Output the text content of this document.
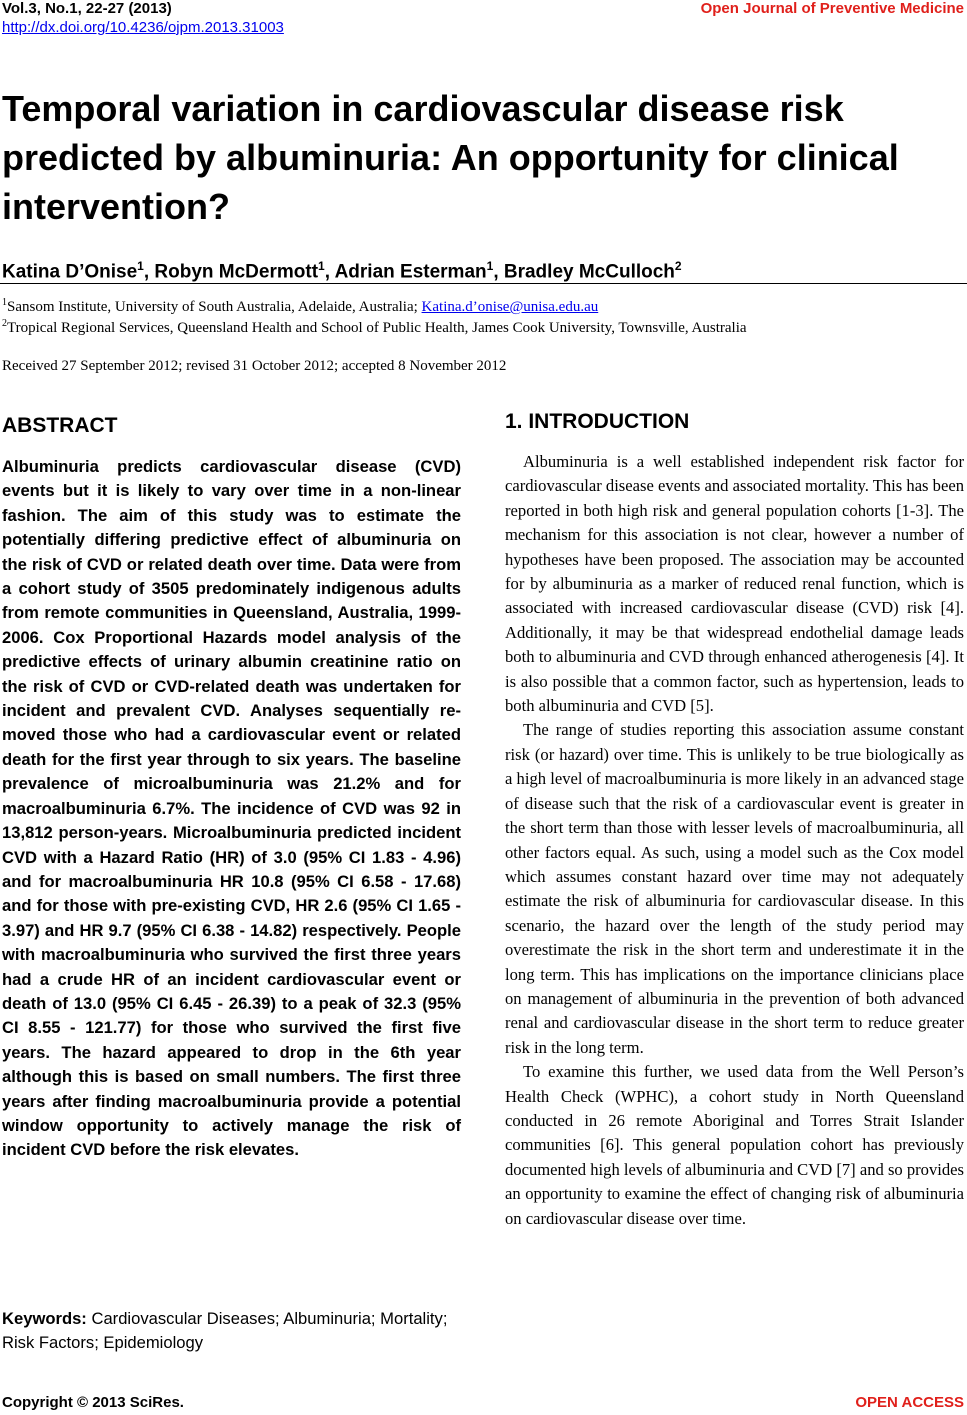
Vol.3, No.1, 22-27 (2013)
http://dx.doi.org/10.4236/ojpm.2013.31003
Open Journal of Preventive Medicine
Temporal variation in cardiovascular disease risk predicted by albuminuria: An opportunity for clinical intervention?
Katina D’Onise$^1$, Robyn McDermott$^1$, Adrian Esterman$^1$, Bradley McCulloch$^2$
$^1$Sansom Institute, University of South Australia, Adelaide, Australia; Katina.d’onise@unisa.edu.au
$^2$Tropical Regional Services, Queensland Health and School of Public Health, James Cook University, Townsville, Australia
Received 27 September 2012; revised 31 October 2012; accepted 8 November 2012
ABSTRACT

Albuminuria predicts cardiovascular disease (CVD) events but it is likely to vary over time in a non-linear fashion. The aim of this study was to estimate the potentially differing predictive effect of albuminuria on the risk of CVD or related death over time. Data were from a cohort study of 3505 predominately indigenous adults from remote communities in Queensland, Australia, 1999-2006. Cox Proportional Hazards model analysis of the predictive effects of urinary albumin creatinine ratio on the risk of CVD or CVD-related death was undertaken for incident and prevalent CVD. Analyses sequentially removed those who had a cardiovascular event or related death for the first year through to six years. The baseline prevalence of microalbuminuria was 21.2% and for macroalbuminuria 6.7%. The incidence of CVD was 92 in 13,812 person-years. Microalbuminuria predicted incident CVD with a Hazard Ratio (HR) of 3.0 (95% CI 1.83 - 4.96) and for macroalbuminuria HR 10.8 (95% CI 6.58 - 17.68) and for those with pre-existing CVD, HR 2.6 (95% CI 1.65 - 3.97) and HR 9.7 (95% CI 6.38 - 14.82) respectively. People with macroalbuminuria who survived the first three years had a crude HR of an incident cardiovascular event or death of 13.0 (95% CI 6.45 - 26.39) to a peak of 32.3 (95% CI 8.55 - 121.77) for those who survived the first five years. The hazard appeared to drop in the 6th year although this is based on small numbers. The first three years after finding macroalbuminuria provide a potential window opportunity to actively manage the risk of incident CVD before the risk elevates.

Keywords: Cardiovascular Diseases; Albuminuria; Mortality; Risk Factors; Epidemiology

1. INTRODUCTION

Albuminuria is a well established independent risk factor for cardiovascular disease events and associated mortality. This has been reported in both high risk and general population cohorts [1-3]. The mechanism for this association is not clear, however a number of hypotheses have been proposed. The association may be accounted for by albuminuria as a marker of reduced renal function, which is associated with increased cardiovascular disease (CVD) risk [4]. Additionally, it may be that widespread endothelial damage leads both to albuminuria and CVD through enhanced atherogenesis [4]. It is also possible that a common factor, such as hypertension, leads to both albuminuria and CVD [5].

The range of studies reporting this association assume constant risk (or hazard) over time. This is unlikely to be true biologically as a high level of macroalbuminuria is more likely in an advanced stage of disease such that the risk of a cardiovascular event is greater in the short term than those with lesser levels of macroalbuminuria, all other factors equal. As such, using a model such as the Cox model which assumes constant hazard over time may not adequately estimate the risk of albuminuria for cardiovascular disease. In this scenario, the hazard over the length of the study period may overestimate the risk in the short term and underestimate it in the long term. This has implications on the importance clinicians place on management of albuminuria in the prevention of both advanced renal and cardiovascular disease in the short term to reduce greater risk in the long term.

To examine this further, we used data from the Well Person’s Health Check (WPHC), a cohort study in North Queensland conducted in 26 remote Aboriginal and Torres Strait Islander communities [6]. This general population cohort has previously documented high levels of albuminuria and CVD [7] and so provides an opportunity to examine the effect of changing risk of albuminuria on cardiovascular disease over time.

Copyright © 2013 SciRes.	OPEN ACCESS
